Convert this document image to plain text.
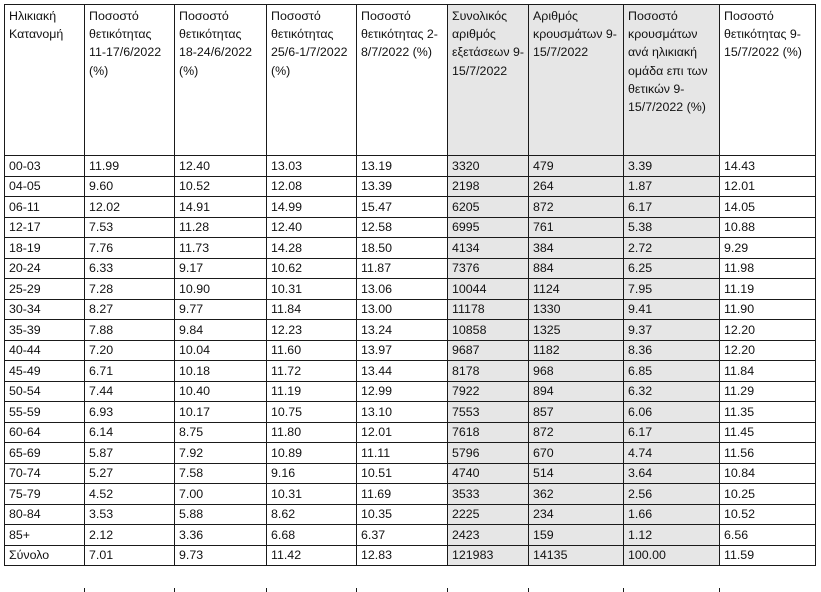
Ηλικιακή Κατανομή	Ποσοστό θετικότητας 11-17/6/2022 (%)	Ποσοστό θετικότητας 18-24/6/2022 (%)	Ποσοστό θετικότητας 25/6-1/7/2022 (%)	Ποσοστό θετικότητας 2-8/7/2022 (%)	Συνολικός αριθμός εξετάσεων 9-15/7/2022	Αριθμός κρουσμάτων 9-15/7/2022	Ποσοστό κρουσμάτων ανά ηλικιακή ομάδα επι των θετικών 9-15/7/2022 (%)	Ποσοστό θετικότητας 9-15/7/2022 (%)
00-03	11.99	12.40	13.03	13.19	3320	479	3.39	14.43
04-05	9.60	10.52	12.08	13.39	2198	264	1.87	12.01
06-11	12.02	14.91	14.99	15.47	6205	872	6.17	14.05
12-17	7.53	11.28	12.40	12.58	6995	761	5.38	10.88
18-19	7.76	11.73	14.28	18.50	4134	384	2.72	9.29
20-24	6.33	9.17	10.62	11.87	7376	884	6.25	11.98
25-29	7.28	10.90	10.31	13.06	10044	1124	7.95	11.19
30-34	8.27	9.77	11.84	13.00	11178	1330	9.41	11.90
35-39	7.88	9.84	12.23	13.24	10858	1325	9.37	12.20
40-44	7.20	10.04	11.60	13.97	9687	1182	8.36	12.20
45-49	6.71	10.18	11.72	13.44	8178	968	6.85	11.84
50-54	7.44	10.40	11.19	12.99	7922	894	6.32	11.29
55-59	6.93	10.17	10.75	13.10	7553	857	6.06	11.35
60-64	6.14	8.75	11.80	12.01	7618	872	6.17	11.45
65-69	5.87	7.92	10.89	11.11	5796	670	4.74	11.56
70-74	5.27	7.58	9.16	10.51	4740	514	3.64	10.84
75-79	4.52	7.00	10.31	11.69	3533	362	2.56	10.25
80-84	3.53	5.88	8.62	10.35	2225	234	1.66	10.52
85+	2.12	3.36	6.68	6.37	2423	159	1.12	6.56
Σύνολο	7.01	9.73	11.42	12.83	121983	14135	100.00	11.59
